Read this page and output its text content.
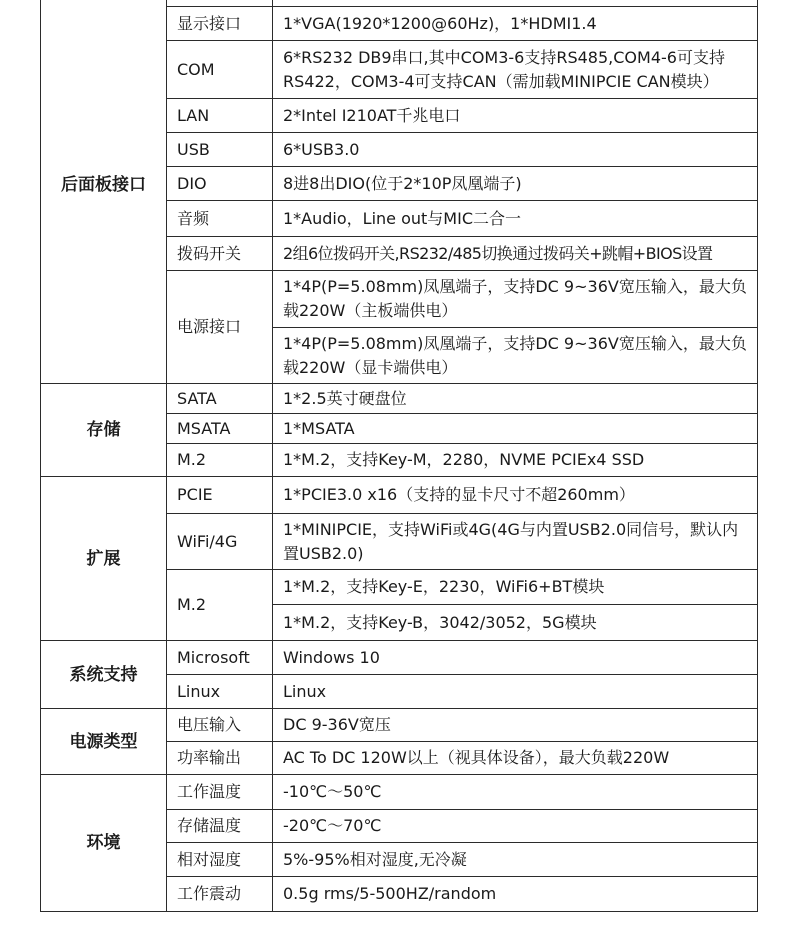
后面板接口		
	显示接口	1*VGA(1920*1200@60Hz)，1*HDMI1.4
	COM	6*RS232 DB9串口,其中COM3-6支持RS485,COM4-6可支持RS422，COM3-4可支持CAN（需加载MINIPCIE CAN模块）
	LAN	2*Intel I210AT千兆电口
	USB	6*USB3.0
	DIO	8进8出DIO(位于2*10P凤凰端子)
	音频	1*Audio，Line out与MIC二合一
	拨码开关	2组6位拨码开关,RS232/485切换通过拨码关+跳帽+BIOS设置
	电源接口	1*4P(P=5.08mm)凤凰端子，支持DC 9~36V宽压输入，最大负载220W（主板端供电）
		1*4P(P=5.08mm)凤凰端子，支持DC 9~36V宽压输入，最大负载220W（显卡端供电）
存储	SATA	1*2.5英寸硬盘位
	MSATA	1*MSATA
	M.2	1*M.2，支持Key-M，2280，NVME PCIEx4 SSD
扩展	PCIE	1*PCIE3.0 x16（支持的显卡尺寸不超260mm）
	WiFi/4G	1*MINIPCIE，支持WiFi或4G(4G与内置USB2.0同信号，默认内置USB2.0)
	M.2	1*M.2，支持Key-E，2230，WiFi6+BT模块
		1*M.2，支持Key-B，3042/3052，5G模块
系统支持	Microsoft	Windows 10
	Linux	Linux
电源类型	电压输入	DC 9-36V宽压
	功率输出	AC To DC 120W以上（视具体设备），最大负载220W
环境	工作温度	-10℃～50℃
	存储温度	-20℃～70℃
	相对湿度	5%-95%相对湿度,无冷凝
	工作震动	0.5g rms/5-500HZ/random
